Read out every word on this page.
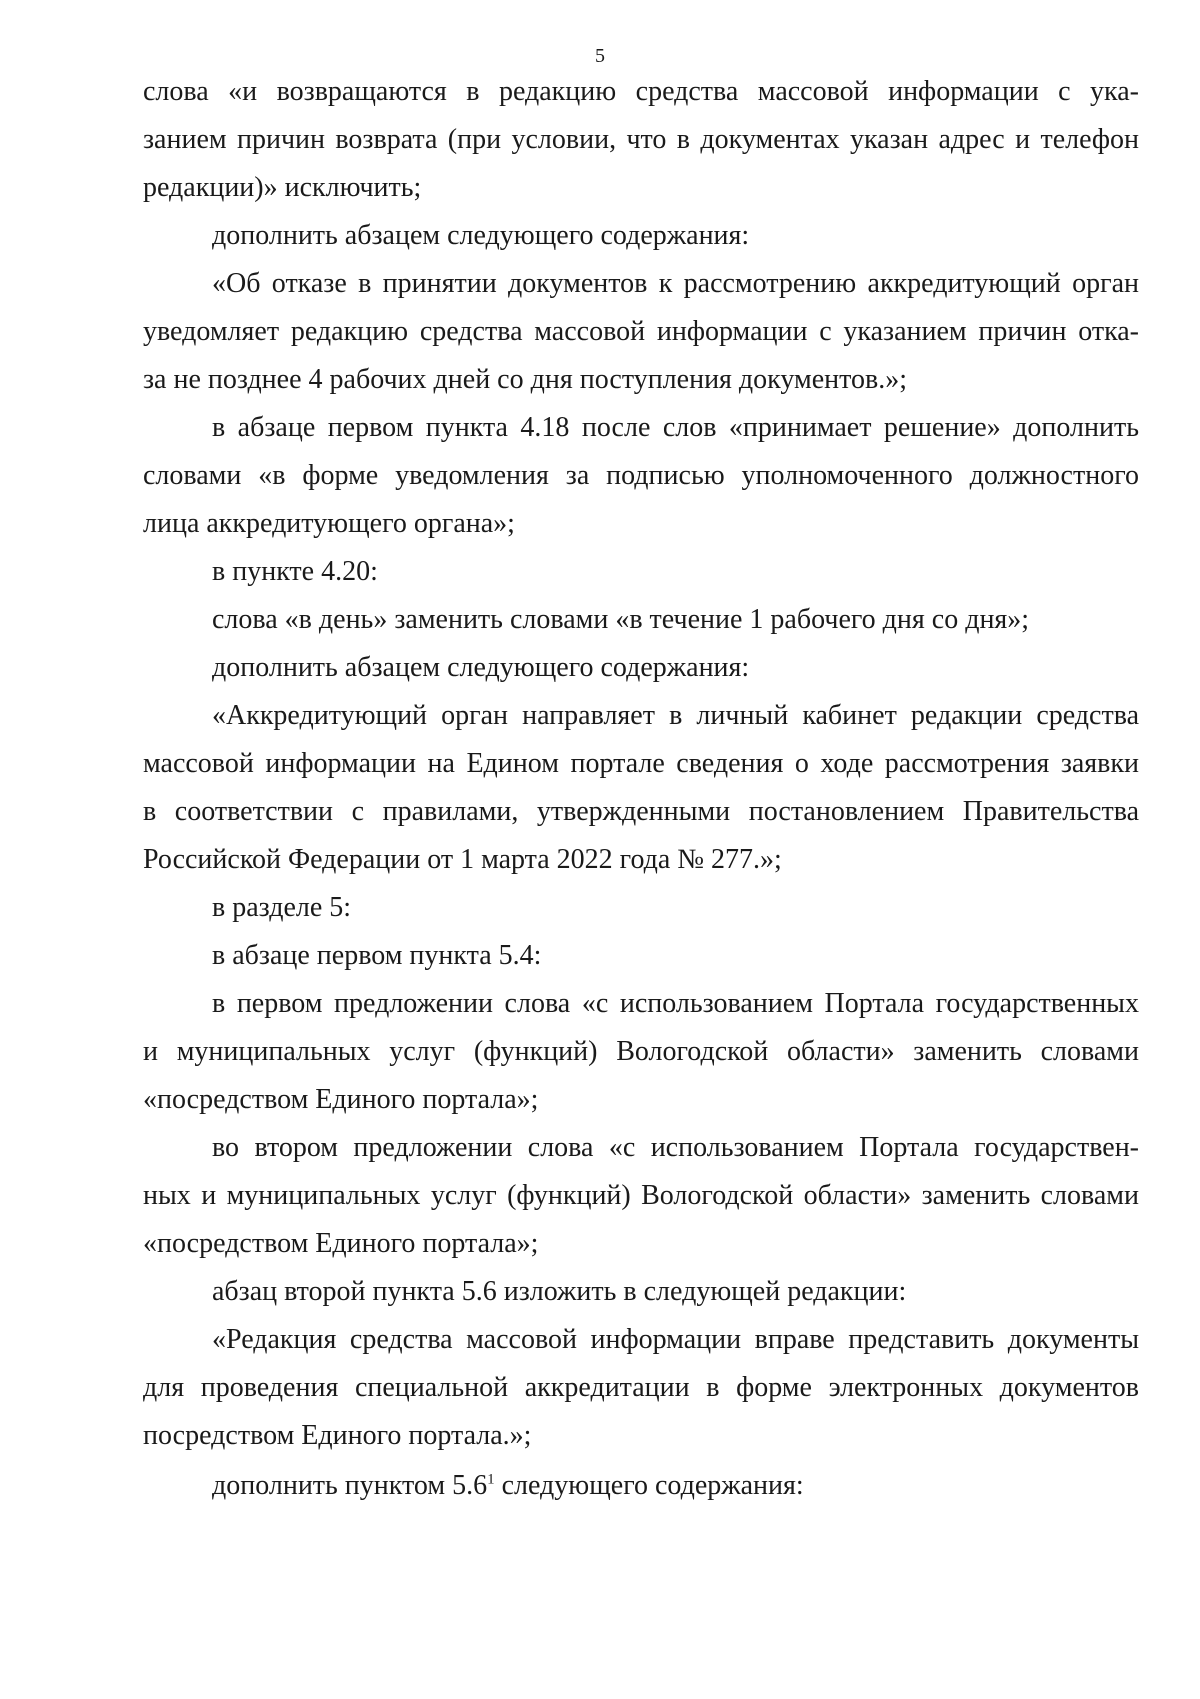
5
слова «и возвращаются в редакцию средства массовой информации с ука-
занием причин возврата (при условии, что в документах указан адрес и телефон
редакции)» исключить;
дополнить абзацем следующего содержания:
«Об отказе в принятии документов к рассмотрению аккредитующий орган
уведомляет редакцию средства массовой информации с указанием причин отка-
за не позднее 4 рабочих дней со дня поступления документов.»;
в абзаце первом пункта 4.18 после слов «принимает решение» дополнить
словами «в форме уведомления за подписью уполномоченного должностного
лица аккредитующего органа»;
в пункте 4.20:
слова «в день» заменить словами «в течение 1 рабочего дня со дня»;
дополнить абзацем следующего содержания:
«Аккредитующий орган направляет в личный кабинет редакции средства
массовой информации на Едином портале сведения о ходе рассмотрения заявки
в соответствии с правилами, утвержденными постановлением Правительства
Российской Федерации от 1 марта 2022 года № 277.»;
в разделе 5:
в абзаце первом пункта 5.4:
в первом предложении слова «с использованием Портала государственных
и муниципальных услуг (функций) Вологодской области» заменить словами
«посредством Единого портала»;
во втором предложении слова «с использованием Портала государствен-
ных и муниципальных услуг (функций) Вологодской области» заменить словами
«посредством Единого портала»;
абзац второй пункта 5.6 изложить в следующей редакции:
«Редакция средства массовой информации вправе представить документы
для проведения специальной аккредитации в форме электронных документов
посредством Единого портала.»;
дополнить пунктом $5.6^1$ следующего содержания:
